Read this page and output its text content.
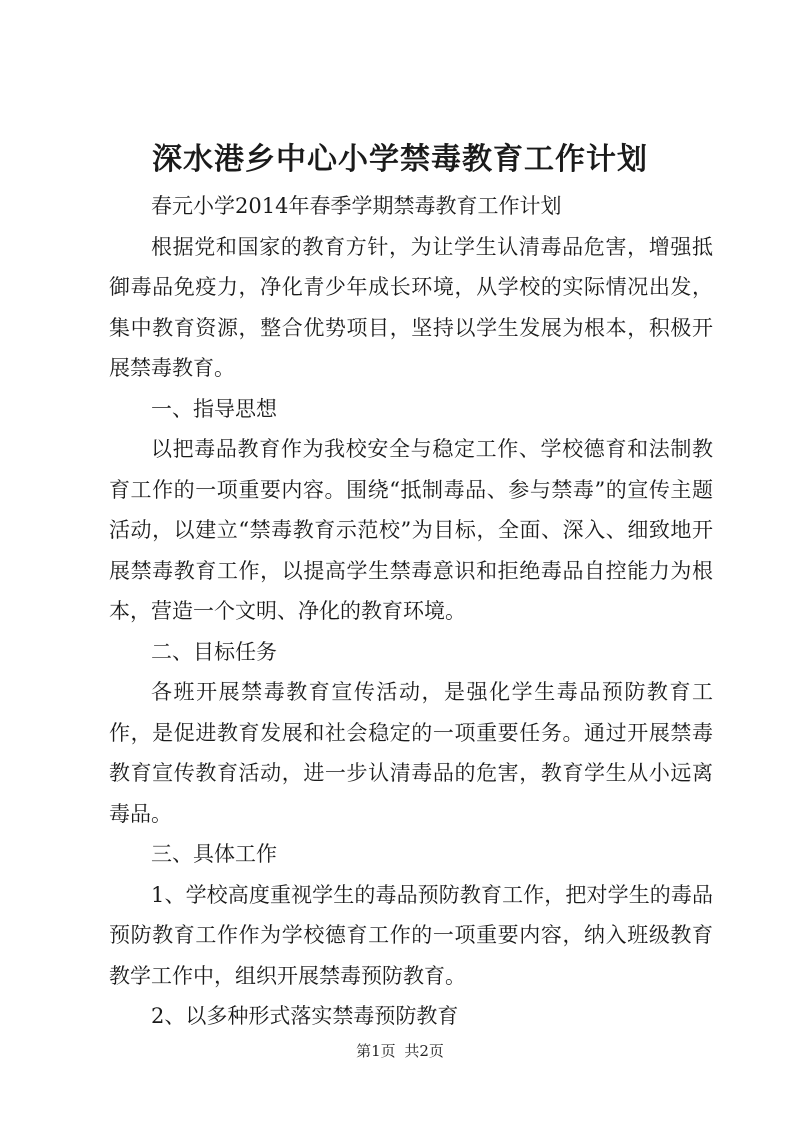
深水港乡中心小学禁毒教育工作计划

春元小学2014年春季学期禁毒教育工作计划

根据党和国家的教育方针，为让学生认清毒品危害，增强抵御毒品免疫力，净化青少年成长环境，从学校的实际情况出发，集中教育资源，整合优势项目，坚持以学生发展为根本，积极开展禁毒教育。

一、指导思想

以把毒品教育作为我校安全与稳定工作、学校德育和法制教育工作的一项重要内容。围绕“抵制毒品、参与禁毒”的宣传主题活动，以建立“禁毒教育示范校”为目标，全面、深入、细致地开展禁毒教育工作，以提高学生禁毒意识和拒绝毒品自控能力为根本，营造一个文明、净化的教育环境。

二、目标任务

各班开展禁毒教育宣传活动，是强化学生毒品预防教育工作，是促进教育发展和社会稳定的一项重要任务。通过开展禁毒教育宣传教育活动，进一步认清毒品的危害，教育学生从小远离毒品。

三、具体工作

1、学校高度重视学生的毒品预防教育工作，把对学生的毒品预防教育工作作为学校德育工作的一项重要内容，纳入班级教育教学工作中，组织开展禁毒预防教育。

2、以多种形式落实禁毒预防教育

第1页 共2页
